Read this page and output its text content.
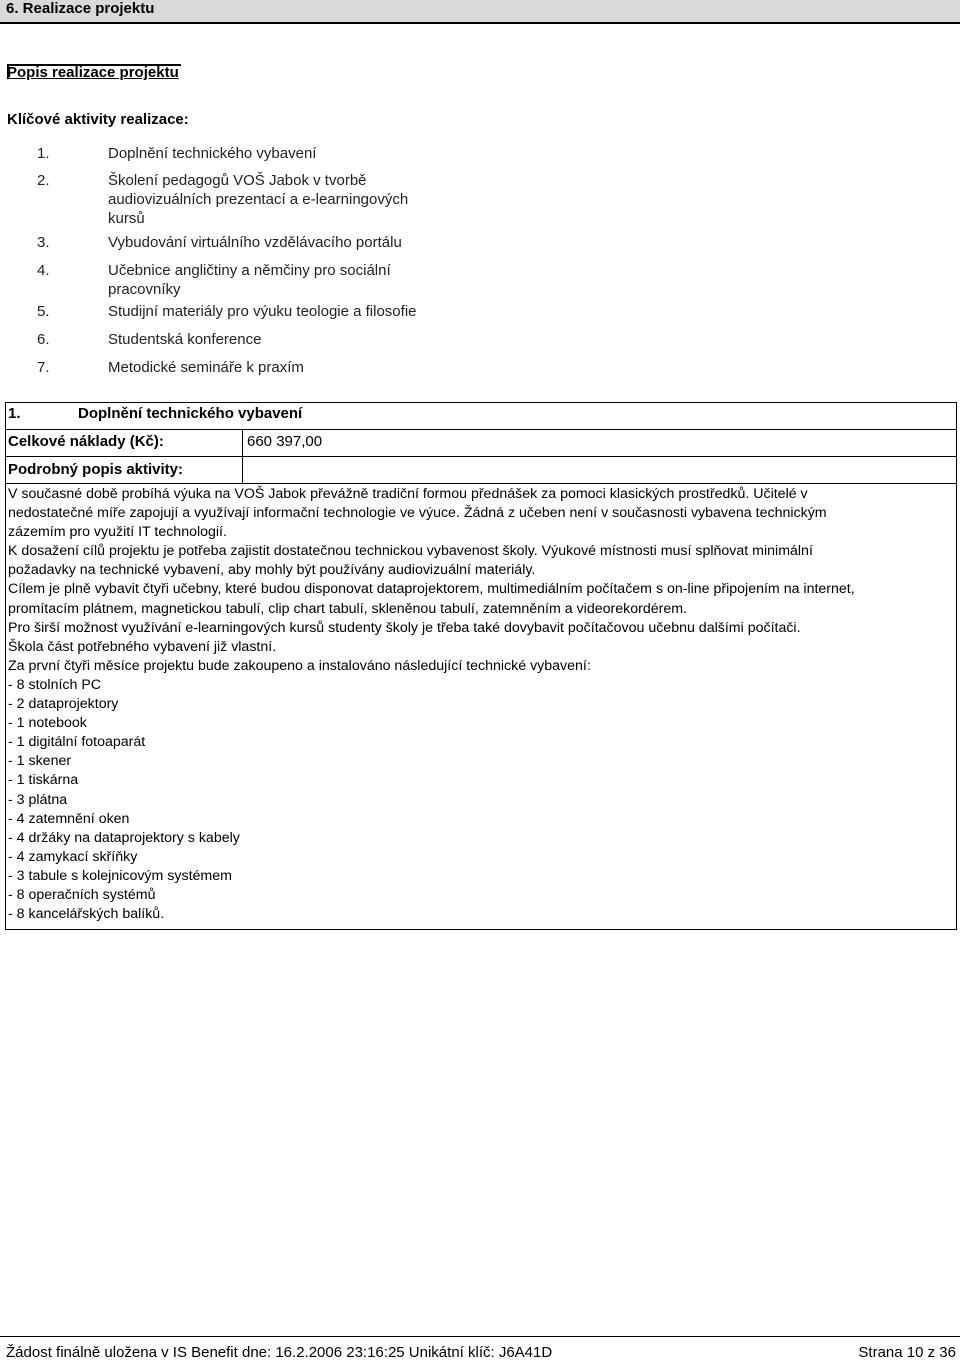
6. Realizace projektu
Popis realizace projektu
Klíčové aktivity realizace:
1.	Doplnění technického vybavení
2.	Školení pedagogů VOŠ Jabok v tvorbě audiovizuálních prezentací a e-learningových kursů
3.	Vybudování virtuálního vzdělávacího portálu
4.	Učebnice angličtiny a němčiny pro sociální pracovníky
5.	Studijní materiály pro výuku teologie a filosofie
6.	Studentská konference
7.	Metodické semináře k praxím
1.	Doplnění technického vybavení
Celkové náklady (Kč):	660 397,00
Podrobný popis aktivity:
V současné době probíhá výuka na VOŠ Jabok převážně tradiční formou přednášek za pomoci klasických prostředků. Učitelé v
nedostatečné míře zapojují a využívají informační technologie ve výuce. Žádná z učeben není v současnosti vybavena technickým
zázemím pro využití IT technologií.
K dosažení cílů projektu je potřeba zajistit dostatečnou technickou vybavenost školy. Výukové místnosti musí splňovat minimální
požadavky na technické vybavení, aby mohly být používány audiovizuální materiály.
Cílem je plně vybavit čtyři učebny, které budou disponovat dataprojektorem, multimediálním počítačem s on-line připojením na internet,
promítacím plátnem, magnetickou tabulí, clip chart tabulí, skleněnou tabulí, zatemněním a videorekordérem.
Pro širší možnost využívání e-learningových kursů studenty školy je třeba také dovybavit počítačovou učebnu dalšími počítači.
Škola část potřebného vybavení již vlastní.
Za první čtyři měsíce projektu bude zakoupeno a instalováno následující technické vybavení:
- 8 stolních PC
- 2 dataprojektory
- 1 notebook
- 1 digitální fotoaparát
- 1 skener
- 1 tiskárna
- 3 plátna
- 4 zatemnění oken
- 4 držáky na dataprojektory s kabely
- 4 zamykací skříňky
- 3 tabule s kolejnicovým systémem
- 8 operačních systémů
- 8 kancelářských balíků.
Žádost finálně uložena v IS Benefit dne: 16.2.2006 23:16:25 Unikátní klíč: J6A41D	Strana 10 z 36
